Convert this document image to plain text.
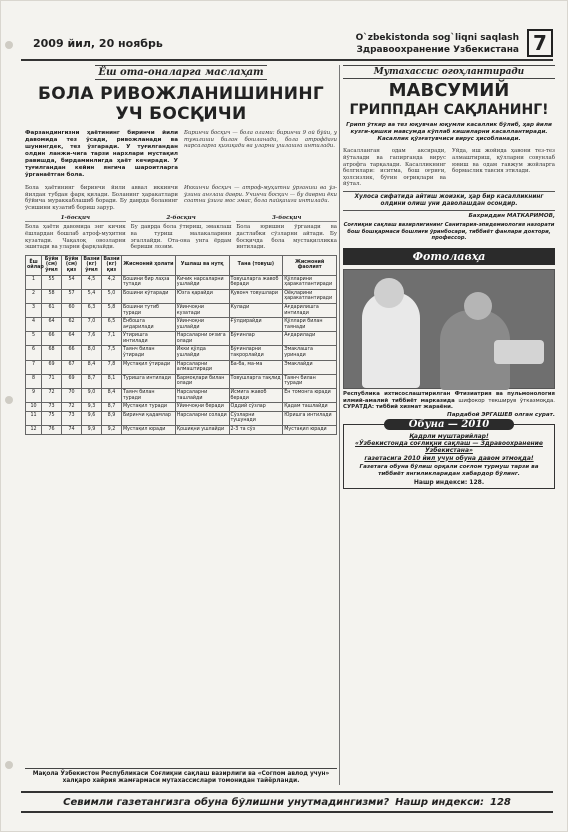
2009 йил, 20 ноябрь	O`zbekistonda sog`liqni saqlash
Здравоохранение Узбекистана 7
Ёш ота-оналарга маслаҳат
БОЛА РИВОЖЛАНИШИНИНГ УЧ БОСҚИЧИ
Фарзандингизни ҳаётининг биринчи йили давомида тез ўсади, ривожланади ва шунингдек, тез ўзгаради. У туғилгандан олдин ланжи-чига тарзи нархлари мустақил равишда, бирдаминлигда ҳаёт кечиради. У туғилгандан кейин янгича шароитларга ўрганаётган бола.
Биринчи босқич — бола олами: биринчи 9 ой бўйи, у туғилиши билан бошланади, бола атрофдаги нарсаларга қизиқади ва уларни ушлашга интилади.
Бола ҳаётининг биринчи йили аввал иккинчи йилдан тубдан фарқ қилади. Боланинг ҳаракатлари бўйича мураккаблашиб боради. Бу даврда боланинг ўсишини кузатиб бориш зарур.
Иккинчи босқич — атроф-муҳитни ўрганиш ва ўз-ўзини англаш даври. Учинчи босқич — бу даврни ёки соатни ўзига мос эмас, бола пайқашга интилади.
1-босқич
Бола ҳаёти давомида энг кичик ёшлардан бошлаб атроф-муҳитни кузатади. Чақалоқ овозларни эшитади ва уларни фарқлайди.
2-босқич
Бу даврда бола ўтириш, эмаклаш ва туриш малакаларини эгаллайди. Ота-она унга ёрдам бериши лозим.
3-босқич
Бола юришни ўрганади ва дастлабки сўзларни айтади. Бу босқичда бола мустақилликка интилади.
Ёш ойлар	Бўйи (см) ўғил	Бўйи (см) қиз	Вазни (кг) ўғил	Вазни (кг) қиз	Жисмоний ҳолати	Ушлаш ва нутқ	Тана (товуш)	Жисмоний фаолият
1	55	54	4,5	4,2	Бошини бир лаҳза тутади	Кичик нарсаларни ушлайди	Товушларга жавоб беради	Қўлларини ҳаракатлантиради
2	58	57	5,4	5,0	Бошини кўтаради	Юзга қарайди	Қувонч товушлари	Оёқларини ҳаракатлантиради
3	61	60	6,3	5,8	Бошини тутиб туради	Ўйинчоқни кузатади	Кулади	Ағдарилишга интилади
4	64	62	7,0	6,5	Ёнбошга ағдарилади	Ўйинчоқни ушлайди	Ғўлдирайди	Қўллари билан таянади
5	66	64	7,6	7,1	Ўтиришга интилади	Нарсаларни оғзига олади	Бўғинлар	Ағдарилади
6	68	66	8,0	7,5	Таянч билан ўтиради	Икки қўлда ушлайди	Бўғинларни такрорлайди	Эмаклашга уринади
7	69	67	8,4	7,8	Мустақил ўтиради	Нарсаларни алмаштиради	Ба-ба, ма-ма	Эмаклайди
8	71	69	8,7	8,1	Туришга интилади	Бармоқлари билан олади	Товушларга тақлид	Таянч билан туради
9	72	70	9,0	8,4	Таянч билан туради	Нарсаларни ташлайди	Исмига жавоб беради	Ён томонга юради
10	73	72	9,3	8,7	Мустақил туради	Ўйинчоқни беради	Оддий сўзлар	Қадам ташлайди
11	75	73	9,6	8,9	Биринчи қадамлар	Нарсаларни солади	Сўзларни тушунади	Юришга интилади
12	76	74	9,9	9,2	Мустақил юради	Қошиқни ушлайди	2-3 та сўз	Мустақил юради
Мақола Ўзбекистон Республикаси Соғлиқни сақлаш вазирлиги ва «Согпом авлод учун» халқаро хайрия жамғармаси мутахассислари томонидан тайёрланди.
Мутахассис огоҳлантиради
МАВСУМИЙ
ГРИППДАН САҚЛАНИНГ!
Грипп ўткир ва тез юқувчан юқумли касаллик бўлиб, ҳар йили кузги-қишки мавсумда кўплаб кишиларни касаллантиради. Касаллик қўзғатувчиси вирус ҳисобланади.
Касалланган одам аксиради, йўталади ва гапирганда вирус атрофга тарқалади. Касалликнинг белгилари: иситма, бош оғриғи, ҳолсизлик, бўғин оғриқлари ва йўтал.
Уйда, иш жойида ҳавони тез-тез алмаштириш, қўлларни совунлаб ювиш ва одам гавжум жойларга бормаслик тавсия этилади.
Хулоса сифатида айтиш жоизки, ҳар бир касалликнинг олдини олиш уни даволашдан осондир.
Бахриддин МАТКАРИМОВ,
Соғлиқни сақлаш вазирлигининг Санитария-эпидемиология назорати бош бошқармаси бошлиғи ўринбосари, тиббиёт фанлари доктори, профессор.
Фотолавҳа
Республика ихтисослаштирилган Фтизиатрия ва пульмонология илмий-амалий тиббиёт марказида шифокор текширув ўтказмоқда. СУРАТДА: тиббий хизмат жараёни.
Пардабой ЭРГАШЕВ олган сурат.
Обуна — 2010
Қадрли муштарийлар!
«Ўзбекистонда соғлиқни сақлаш — Здравоохранение Узбекистана»
газетасига 2010 йил учун обуна давом этмоқда!
Газетага обуна бўлиш орқали соғлом турмуш тарзи ва тиббиёт янгиликларидан хабардор бўлинг.
Нашр индекси: 128.
Севимли газетангизга обуна бўлишни унутмадингизми? Нашр индекси: 128
